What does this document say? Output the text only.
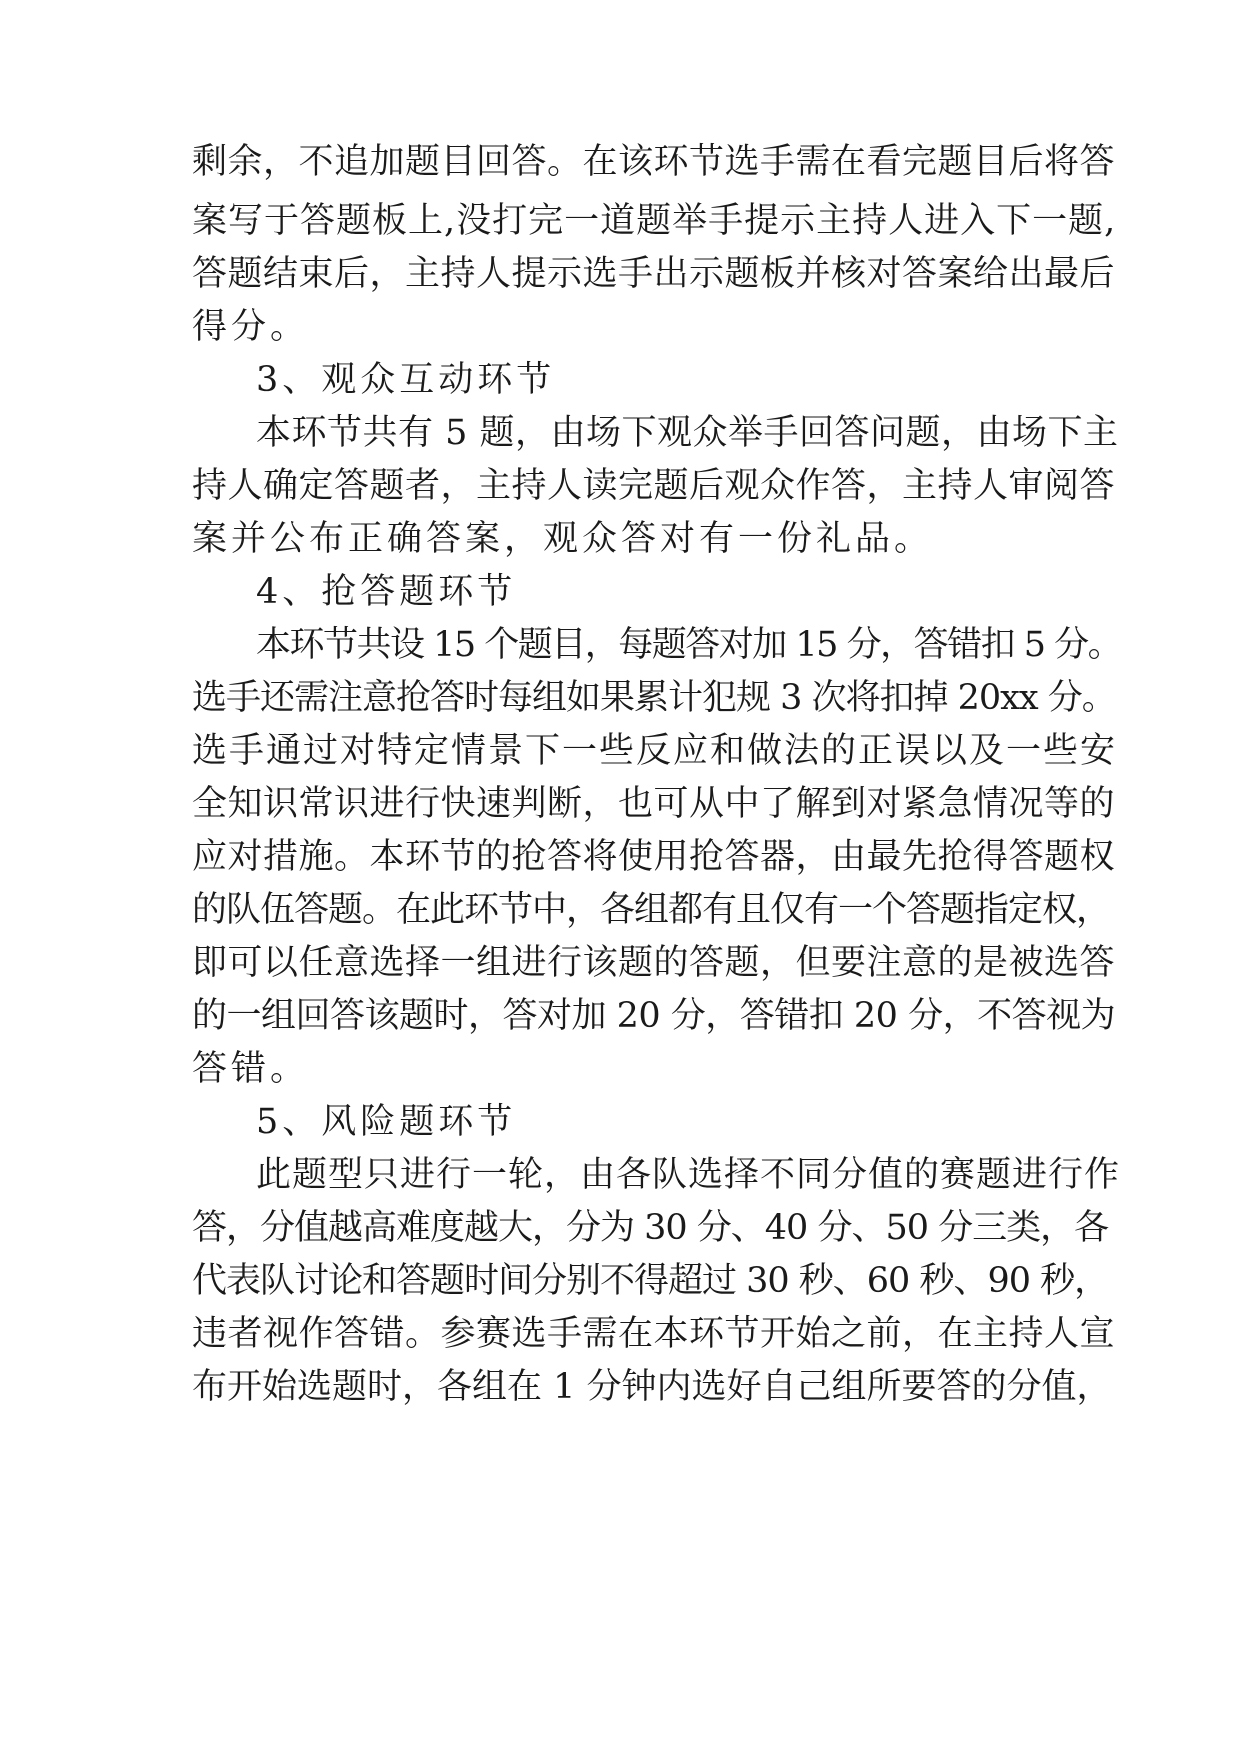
剩余，不追加题目回答。在该环节选手需在看完题目后将答

案写于答题板上,没打完一道题举手提示主持人进入下一题,

答题结束后，主持人提示选手出示题板并核对答案给出最后

得分。

3、观众互动环节

本环节共有 5 题，由场下观众举手回答问题，由场下主

持人确定答题者，主持人读完题后观众作答，主持人审阅答

案并公布正确答案，观众答对有一份礼品。

4、抢答题环节

本环节共设 15 个题目，每题答对加 15 分，答错扣 5 分。

选手还需注意抢答时每组如果累计犯规 3 次将扣掉 20xx 分。

选手通过对特定情景下一些反应和做法的正误以及一些安

全知识常识进行快速判断，也可从中了解到对紧急情况等的

应对措施。本环节的抢答将使用抢答器，由最先抢得答题权

的队伍答题。在此环节中，各组都有且仅有一个答题指定权，

即可以任意选择一组进行该题的答题，但要注意的是被选答

的一组回答该题时，答对加 20 分，答错扣 20 分，不答视为

答错。

5、风险题环节

此题型只进行一轮，由各队选择不同分值的赛题进行作

答，分值越高难度越大，分为 30 分、40 分、50 分三类，各

代表队讨论和答题时间分别不得超过 30 秒、60 秒、90 秒，

违者视作答错。参赛选手需在本环节开始之前，在主持人宣

布开始选题时，各组在 1 分钟内选好自己组所要答的分值，
